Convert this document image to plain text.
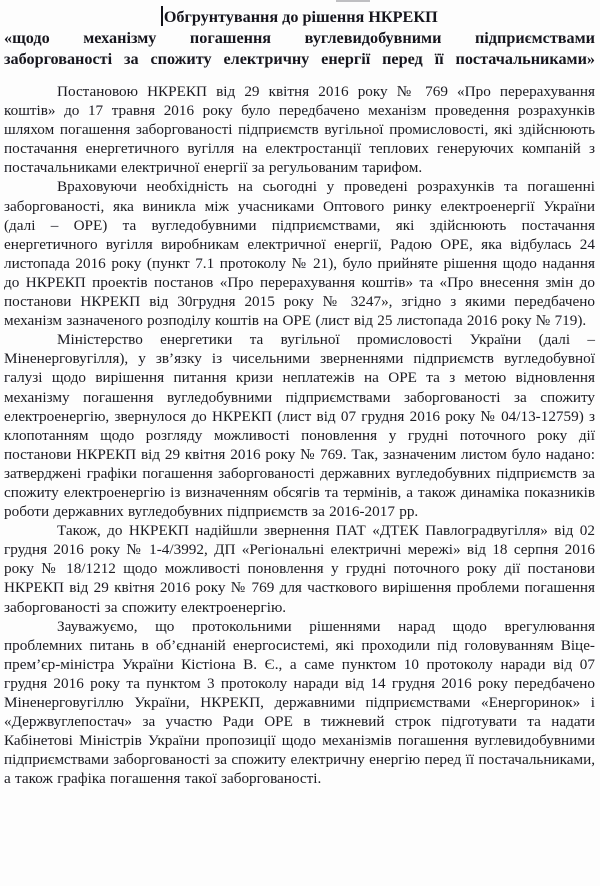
Обгрунтування до рішення НКРЕКП
«щодо механізму погашення вуглевидобувними підприємствами
заборгованості за спожиту електричну енергії перед її постачальниками»

Постановою НКРЕКП від 29 квітня 2016 року № 769 «Про перерахування коштів» до 17 травня 2016 року було передбачено механізм проведення розрахунків шляхом погашення заборгованості підприємств вугільної промисловості, які здійснюють постачання енергетичного вугілля на електростанції теплових генеруючих компаній з постачальниками електричної енергії за регульованим тарифом.

Враховуючи необхідність на сьогодні у проведені розрахунків та погашенні заборгованості, яка виникла між учасниками Оптового ринку електроенергії України (далі – ОРЕ) та вугледобувними підприємствами, які здійснюють постачання енергетичного вугілля виробникам електричної енергії, Радою ОРЕ, яка відбулась 24 листопада 2016 року (пункт 7.1 протоколу № 21), було прийняте рішення щодо надання до НКРЕКП проектів постанов «Про перерахування коштів» та «Про внесення змін до постанови НКРЕКП від 30грудня 2015 року № 3247», згідно з якими передбачено механізм зазначеного розподілу коштів на ОРЕ (лист від 25 листопада 2016 року № 719).

Міністерство енергетики та вугільної промисловості України (далі – Міненерговугілля), у зв’язку із чисельними зверненнями підприємств вугледобувної галузі щодо вирішення питання кризи неплатежів на ОРЕ та з метою відновлення механізму погашення вугледобувними підприємствами заборгованості за спожиту електроенергію, звернулося до НКРЕКП (лист від 07 грудня 2016 року № 04/13-12759) з клопотанням щодо розгляду можливості поновлення у грудні поточного року дії постанови НКРЕКП від 29 квітня 2016 року № 769. Так, зазначеним листом було надано: затверджені графіки погашення заборгованості державних вугледобувних підприємств за спожиту електроенергію із визначенням обсягів та термінів, а також динаміка показників роботи державних вугледобувних підприємств за 2016-2017 рр.

Також, до НКРЕКП надійшли звернення ПАТ «ДТЕК Павлоградвугілля» від 02 грудня 2016 року № 1-4/3992, ДП «Регіональні електричні мережі» від 18 серпня 2016 року № 18/1212 щодо можливості поновлення у грудні поточного року дії постанови НКРЕКП від 29 квітня 2016 року № 769 для часткового вирішення проблеми погашення заборгованості за спожиту електроенергію.

Зауважуємо, що протокольними рішеннями нарад щодо врегулювання проблемних питань в об’єднаній енергосистемі, які проходили під головуванням Віце-прем’єр-міністра України Кістіона В. Є., а саме пунктом 10 протоколу наради від 07 грудня 2016 року та пунктом 3 протоколу наради від 14 грудня 2016 року передбачено Міненерговугіллю України, НКРЕКП, державними підприємствами «Енергоринок» і «Держвуглепостач» за участю Ради ОРЕ в тижневий строк підготувати та надати Кабінетові Міністрів України пропозиції щодо механізмів погашення вуглевидобувними підприємствами заборгованості за спожиту електричну енергію перед її постачальниками, а також графіка погашення такої заборгованості.
